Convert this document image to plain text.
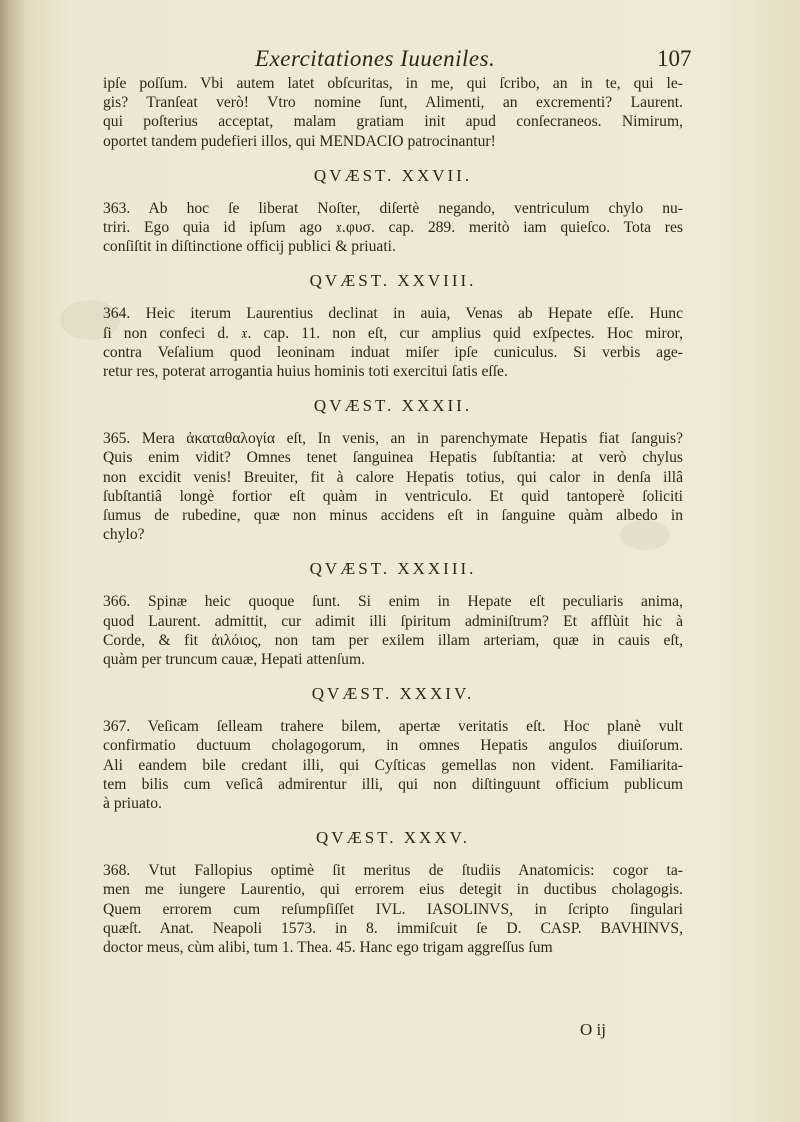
Exercitationes Iuueniles.	107
ipſe poſſum. Vbi autem latet obſcuritas, in me, qui ſcribo, an in te, qui le-
gis? Tranſeat verò! Vtro nomine ſunt, Alimenti, an excrementi? Laurent.
qui poſterius acceptat, malam gratiam init apud conſecraneos. Nimirum,
oportet tandem pudefieri illos, qui MENDACIO patrocinantur!
QVÆST. XXVII.
363. Ab hoc ſe liberat Noſter, diſertè negando, ventriculum chylo nu-
triri. Ego quia id ipſum ago 𝔵.φυσ. cap. 289. meritò iam quieſco. Tota res
conſiſtit in diſtinctione officij publici & priuati.
QVÆST. XXVIII.
364. Heic iterum Laurentius declinat in auia, Venas ab Hepate eſſe. Hunc
ſi non confeci d. 𝔵. cap. 11. non eſt, cur amplius quid exſpectes. Hoc miror,
contra Veſalium quod leoninam induat miſer ipſe cuniculus. Si verbis age-
retur res, poterat arrogantia huius hominis toti exercitui ſatis eſſe.
QVÆST. XXXII.
365. Mera ἀκαταθαλογία eſt, In venis, an in parenchymate Hepatis fiat ſanguis?
Quis enim vidit? Omnes tenet ſanguinea Hepatis ſubſtantia: at verò chylus
non excidit venis! Breuiter, fit à calore Hepatis totius, qui calor in denſa illâ
ſubſtantiâ longè fortior eſt quàm in ventriculo. Et quid tantoperè ſoliciti
ſumus de rubedine, quæ non minus accidens eſt in ſanguine quàm albedo in
chylo?
QVÆST. XXXIII.
366. Spinæ heic quoque ſunt. Si enim in Hepate eſt peculiaris anima,
quod Laurent. admittit, cur adimit illi ſpiritum adminiſtrum? Et afflùit hic à
Corde, & fit ἀιλόιος, non tam per exilem illam arteriam, quæ in cauis eſt,
quàm per truncum cauæ, Hepati attenſum.
QVÆST. XXXIV.
367. Veſicam ſelleam trahere bilem, apertæ veritatis eſt. Hoc planè vult
confirmatio ductuum cholagogorum, in omnes Hepatis angulos diuiſorum.
Ali eandem bile credant illi, qui Cyſticas gemellas non vident. Familiarita-
tem bilis cum veſicâ admirentur illi, qui non diſtinguunt officium publicum
à priuato.
QVÆST. XXXV.
368. Vtut Fallopius optimè ſit meritus de ſtudiis Anatomicis: cogor ta-
men me iungere Laurentio, qui errorem eius detegit in ductibus cholagogis.
Quem errorem cum reſumpſiſſet IVL. IASOLINVS, in ſcripto ſingulari
quæſt. Anat. Neapoli 1573. in 8. immiſcuit ſe D. CASP. BAVHINVS,
doctor meus, cùm alibi, tum 1. Thea. 45. Hanc ego trigam aggreſſus ſum
O ij
